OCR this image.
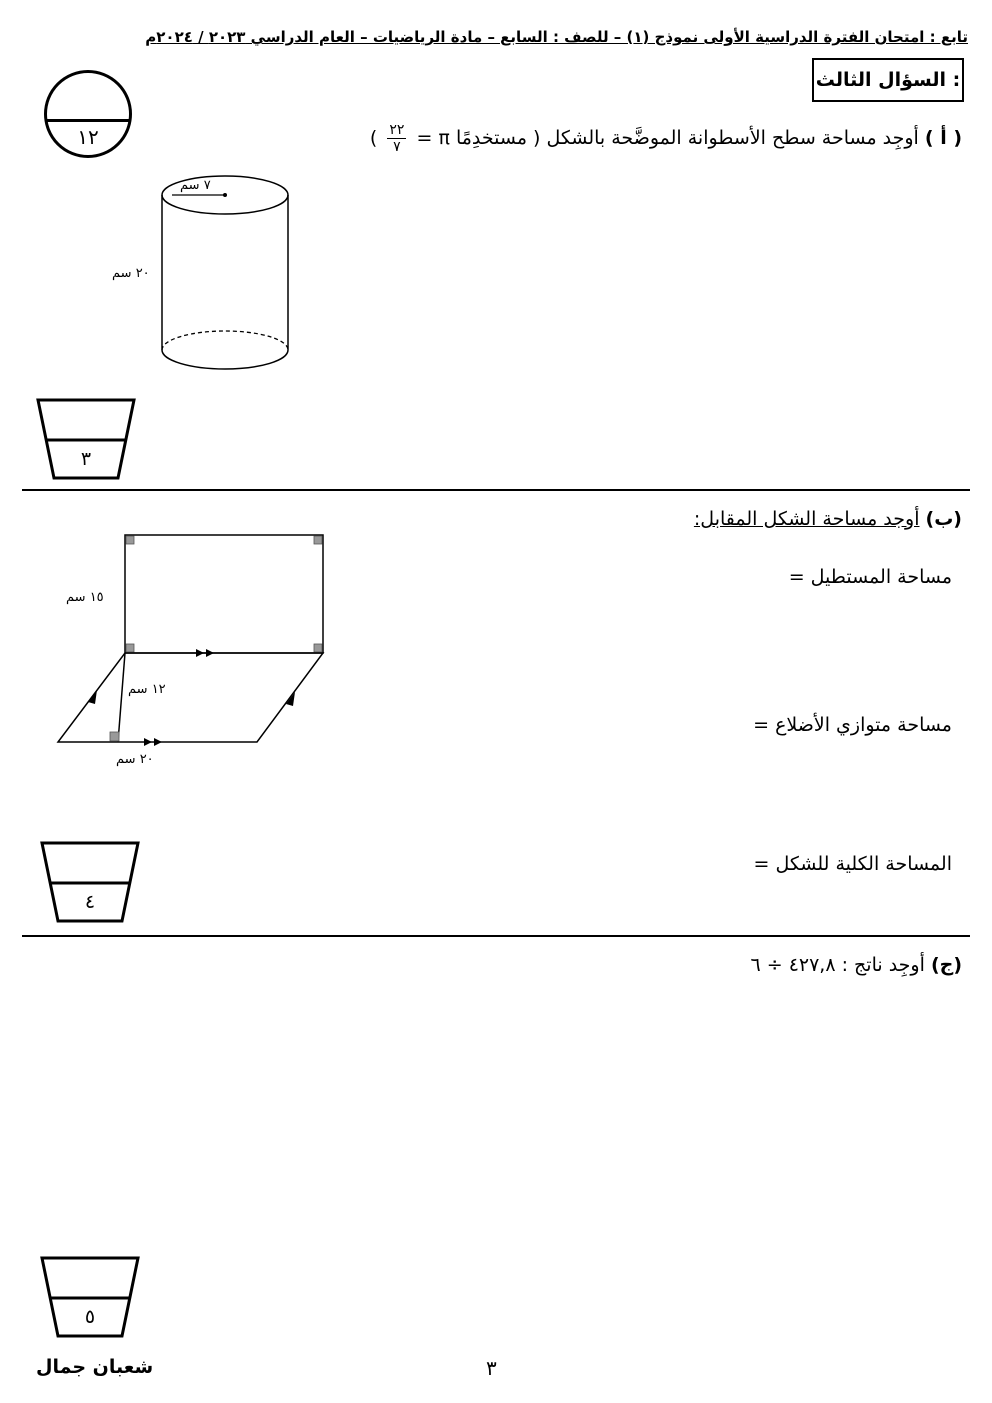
تابع : امتحان الفترة الدراسية الأولى نموذج (١) – للصف : السابع – مادة الرياضيات – العام الدراسي ٢٠٢٣ / ٢٠٢٤م
السؤال الثالث :
١٢	( أ ) أوجِد مساحة سطح الأسطوانة الموضَّحة بالشكل ( مستخدِمًا π =
$\frac{٢٢}{٧}$
)
٧ سم
٢٠ سم
٣
(ب) أوجد مساحة الشكل المقابل:
مساحة المستطيل =
مساحة متوازي الأضلاع =
المساحة الكلية للشكل =
١٥ سم
١٢ سم
٢٠ سم
٤
(ج) أوجِد ناتج : ٤٢٧,٨ ÷ ٦
٥
٣
شعبان جمال
